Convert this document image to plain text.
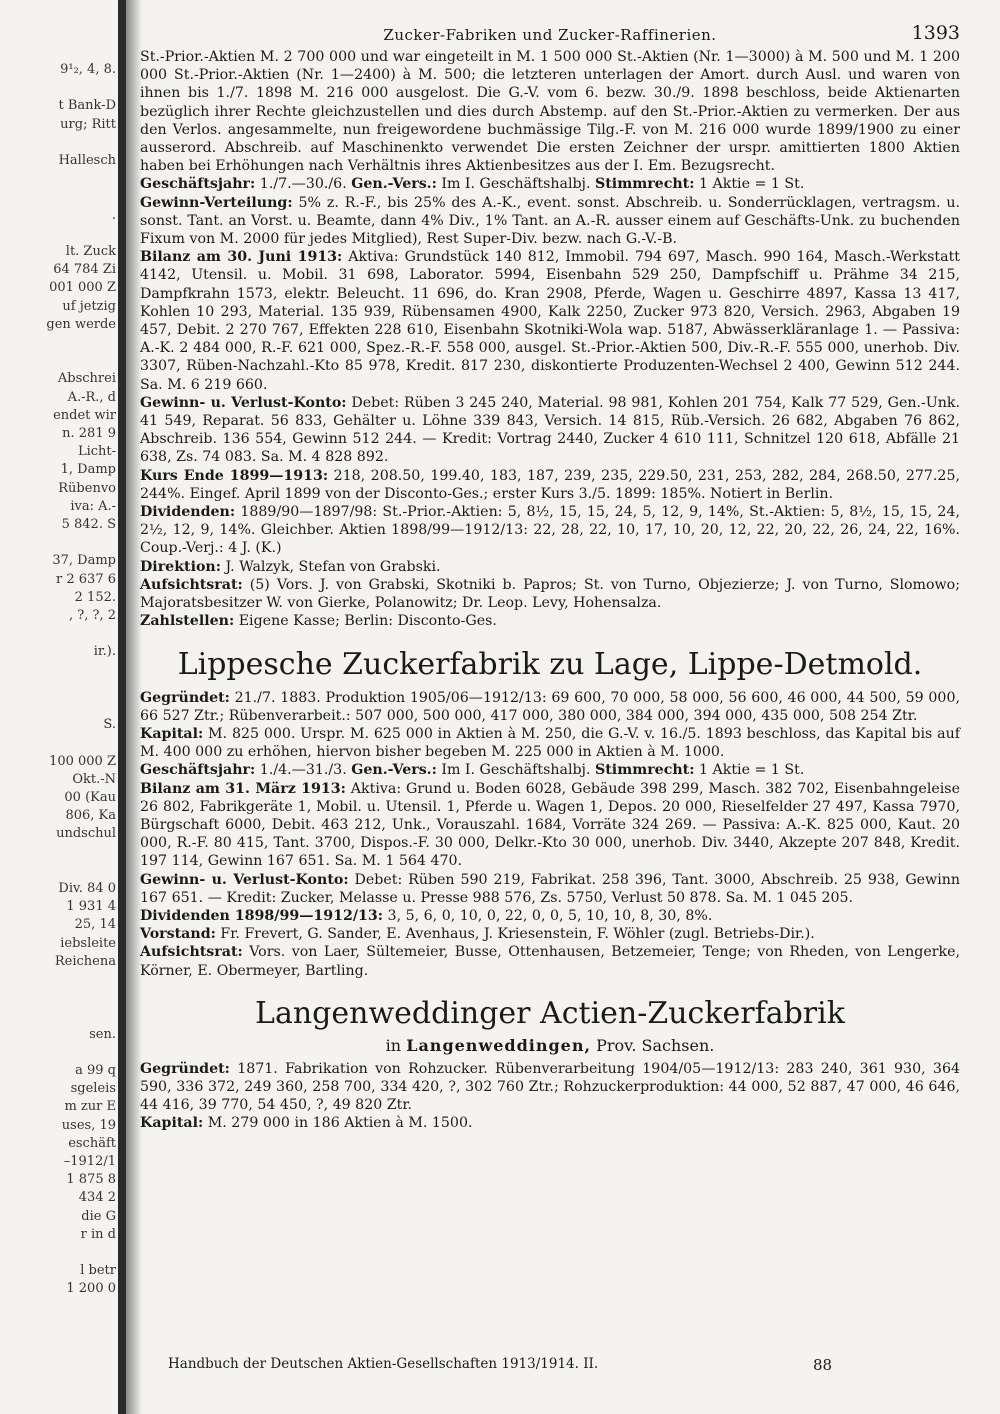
9¹₂, 4, 8.
t Bank-D
urg; Ritt
Hallesch
.
lt. Zuck
64 784 Zi
001 000 Z
uf jetzig
gen werde
Abschrei
A.-R., d
endet wir
n. 281 9
Licht-
1, Damp
Rübenvo
iva: A.-
5 842. S
37, Damp
r 2 637 6
2 152.
, ?, ?, 2
ir.).
S.
100 000 Z
Okt.-N
00 (Kau
806, Ka
undschul
Div. 84 0
1 931 4
25, 14
iebsleite
Reichena
sen.
a 99 q
sgeleis
m zur E
uses, 19
eschäft
–1912/1
1 875 8
434 2
die G
r in d
l betr
1 200 0
Zucker-Fabriken und Zucker-Raffinerien.	1393

St.-Prior.-Aktien M. 2 700 000 und war eingeteilt in M. 1 500 000 St.-Aktien (Nr. 1—3000) à M. 500 und M. 1 200 000 St.-Prior.-Aktien (Nr. 1—2400) à M. 500; die letzteren unterlagen der Amort. durch Ausl. und waren von ihnen bis 1./7. 1898 M. 216 000 ausgelost. Die G.-V. vom 6. bezw. 30./9. 1898 beschloss, beide Aktienarten bezüglich ihrer Rechte gleichzustellen und dies durch Abstemp. auf den St.-Prior.-Aktien zu vermerken. Der aus den Verlos. angesammelte, nun freigewordene buchmässige Tilg.-F. von M. 216 000 wurde 1899/1900 zu einer ausserord. Abschreib. auf Maschinenkto verwendet Die ersten Zeichner der urspr. amittierten 1800 Aktien haben bei Erhöhungen nach Verhältnis ihres Aktienbesitzes aus der I. Em. Bezugsrecht.

Geschäftsjahr: 1./7.—30./6. Gen.-Vers.: Im I. Geschäftshalbj. Stimmrecht: 1 Aktie = 1 St.

Gewinn-Verteilung: 5% z. R.-F., bis 25% des A.-K., event. sonst. Abschreib. u. Sonderrücklagen, vertragsm. u. sonst. Tant. an Vorst. u. Beamte, dann 4% Div., 1% Tant. an A.-R. ausser einem auf Geschäfts-Unk. zu buchenden Fixum von M. 2000 für jedes Mitglied), Rest Super-Div. bezw. nach G.-V.-B.

Bilanz am 30. Juni 1913: Aktiva: Grundstück 140 812, Immobil. 794 697, Masch. 990 164, Masch.-Werkstatt 4142, Utensil. u. Mobil. 31 698, Laborator. 5994, Eisenbahn 529 250, Dampfschiff u. Prähme 34 215, Dampfkrahn 1573, elektr. Beleucht. 11 696, do. Kran 2908, Pferde, Wagen u. Geschirre 4897, Kassa 13 417, Kohlen 10 293, Material. 135 939, Rübensamen 4900, Kalk 2250, Zucker 973 820, Versich. 2963, Abgaben 19 457, Debit. 2 270 767, Effekten 228 610, Eisenbahn Skotniki-Wola wap. 5187, Abwässerkläranlage 1. — Passiva: A.-K. 2 484 000, R.-F. 621 000, Spez.-R.-F. 558 000, ausgel. St.-Prior.-Aktien 500, Div.-R.-F. 555 000, unerhob. Div. 3307, Rüben-Nachzahl.-Kto 85 978, Kredit. 817 230, diskontierte Produzenten-Wechsel 2 400, Gewinn 512 244. Sa. M. 6 219 660.

Gewinn- u. Verlust-Konto: Debet: Rüben 3 245 240, Material. 98 981, Kohlen 201 754, Kalk 77 529, Gen.-Unk. 41 549, Reparat. 56 833, Gehälter u. Löhne 339 843, Versich. 14 815, Rüb.-Versich. 26 682, Abgaben 76 862, Abschreib. 136 554, Gewinn 512 244. — Kredit: Vortrag 2440, Zucker 4 610 111, Schnitzel 120 618, Abfälle 21 638, Zs. 74 083. Sa. M. 4 828 892.

Kurs Ende 1899—1913: 218, 208.50, 199.40, 183, 187, 239, 235, 229.50, 231, 253, 282, 284, 268.50, 277.25, 244%. Eingef. April 1899 von der Disconto-Ges.; erster Kurs 3./5. 1899: 185%. Notiert in Berlin.

Dividenden: 1889/90—1897/98: St.-Prior.-Aktien: 5, 8½, 15, 15, 24, 5, 12, 9, 14%, St.-Aktien: 5, 8½, 15, 15, 24, 2½, 12, 9, 14%. Gleichber. Aktien 1898/99—1912/13: 22, 28, 22, 10, 17, 10, 20, 12, 22, 20, 22, 26, 24, 22, 16%. Coup.-Verj.: 4 J. (K.)

Direktion: J. Walzyk, Stefan von Grabski.

Aufsichtsrat: (5) Vors. J. von Grabski, Skotniki b. Papros; St. von Turno, Objezierze; J. von Turno, Slomowo; Majoratsbesitzer W. von Gierke, Polanowitz; Dr. Leop. Levy, Hohensalza.

Zahlstellen: Eigene Kasse; Berlin: Disconto-Ges.

Lippesche Zuckerfabrik zu Lage, Lippe-Detmold.

Gegründet: 21./7. 1883. Produktion 1905/06—1912/13: 69 600, 70 000, 58 000, 56 600, 46 000, 44 500, 59 000, 66 527 Ztr.; Rübenverarbeit.: 507 000, 500 000, 417 000, 380 000, 384 000, 394 000, 435 000, 508 254 Ztr.

Kapital: M. 825 000. Urspr. M. 625 000 in Aktien à M. 250, die G.-V. v. 16./5. 1893 beschloss, das Kapital bis auf M. 400 000 zu erhöhen, hiervon bisher begeben M. 225 000 in Aktien à M. 1000.

Geschäftsjahr: 1./4.—31./3. Gen.-Vers.: Im I. Geschäftshalbj. Stimmrecht: 1 Aktie = 1 St.

Bilanz am 31. März 1913: Aktiva: Grund u. Boden 6028, Gebäude 398 299, Masch. 382 702, Eisenbahngeleise 26 802, Fabrikgeräte 1, Mobil. u. Utensil. 1, Pferde u. Wagen 1, Depos. 20 000, Rieselfelder 27 497, Kassa 7970, Bürgschaft 6000, Debit. 463 212, Unk., Vorauszahl. 1684, Vorräte 324 269. — Passiva: A.-K. 825 000, Kaut. 20 000, R.-F. 80 415, Tant. 3700, Dispos.-F. 30 000, Delkr.-Kto 30 000, unerhob. Div. 3440, Akzepte 207 848, Kredit. 197 114, Gewinn 167 651. Sa. M. 1 564 470.

Gewinn- u. Verlust-Konto: Debet: Rüben 590 219, Fabrikat. 258 396, Tant. 3000, Abschreib. 25 938, Gewinn 167 651. — Kredit: Zucker, Melasse u. Presse 988 576, Zs. 5750, Verlust 50 878. Sa. M. 1 045 205.

Dividenden 1898/99—1912/13: 3, 5, 6, 0, 10, 0, 22, 0, 0, 5, 10, 10, 8, 30, 8%.

Vorstand: Fr. Frevert, G. Sander, E. Avenhaus, J. Kriesenstein, F. Wöhler (zugl. Betriebs-Dir.).

Aufsichtsrat: Vors. von Laer, Sültemeier, Busse, Ottenhausen, Betzemeier, Tenge; von Rheden, von Lengerke, Körner, E. Obermeyer, Bartling.

Langenweddinger Actien-Zuckerfabrik
in Langenweddingen, Prov. Sachsen.

Gegründet: 1871. Fabrikation von Rohzucker. Rübenverarbeitung 1904/05—1912/13: 283 240, 361 930, 364 590, 336 372, 249 360, 258 700, 334 420, ?, 302 760 Ztr.; Rohzuckerproduktion: 44 000, 52 887, 47 000, 46 646, 44 416, 39 770, 54 450, ?, 49 820 Ztr.

Kapital: M. 279 000 in 186 Aktien à M. 1500.

Handbuch der Deutschen Aktien-Gesellschaften 1913/1914. II.	88
